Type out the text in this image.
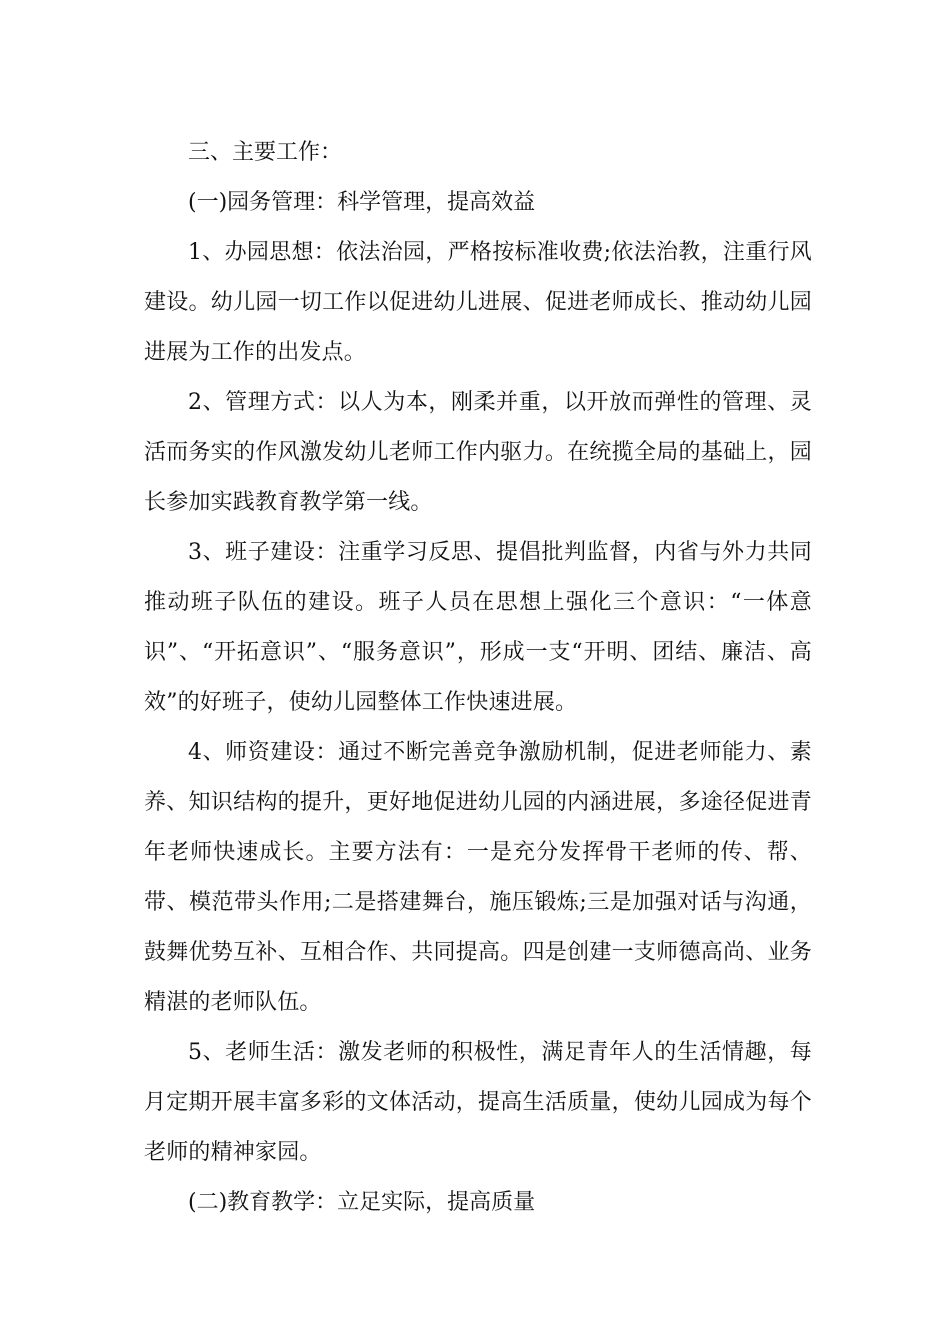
三、主要工作：

(一)园务管理：科学管理，提高效益

1、办园思想：依法治园，严格按标准收费;依法治教，注重行风建设。幼儿园一切工作以促进幼儿进展、促进老师成长、推动幼儿园进展为工作的出发点。

2、管理方式：以人为本，刚柔并重，以开放而弹性的管理、灵活而务实的作风激发幼儿老师工作内驱力。在统揽全局的基础上，园长参加实践教育教学第一线。

3、班子建设：注重学习反思、提倡批判监督，内省与外力共同推动班子队伍的建设。班子人员在思想上强化三个意识：“一体意识”、“开拓意识”、“服务意识”，形成一支“开明、团结、廉洁、高效”的好班子，使幼儿园整体工作快速进展。

4、师资建设：通过不断完善竞争激励机制，促进老师能力、素养、知识结构的提升，更好地促进幼儿园的内涵进展，多途径促进青年老师快速成长。主要方法有：一是充分发挥骨干老师的传、帮、带、模范带头作用;二是搭建舞台，施压锻炼;三是加强对话与沟通，鼓舞优势互补、互相合作、共同提高。四是创建一支师德高尚、业务精湛的老师队伍。

5、老师生活：激发老师的积极性，满足青年人的生活情趣，每月定期开展丰富多彩的文体活动，提高生活质量，使幼儿园成为每个老师的精神家园。

(二)教育教学：立足实际，提高质量
